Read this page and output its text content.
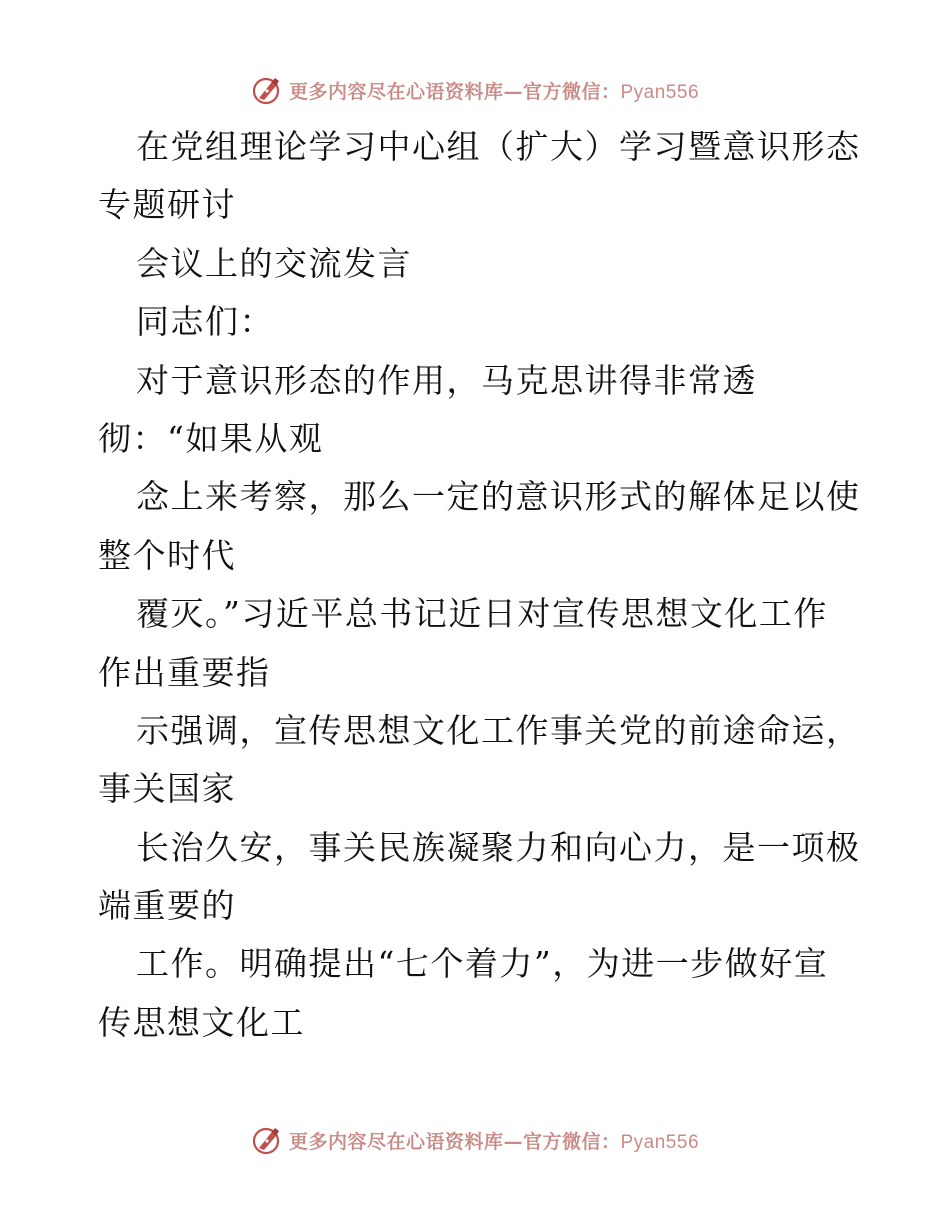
更多内容尽在心语资料库—官方微信：Pyan556
在党组理论学习中心组（扩大）学习暨意识形态
专题研讨
会议上的交流发言
同志们：
对于意识形态的作用，马克思讲得非常透
彻：“如果从观
念上来考察，那么一定的意识形式的解体足以使
整个时代
覆灭。”习近平总书记近日对宣传思想文化工作
作出重要指
示强调，宣传思想文化工作事关党的前途命运，
事关国家
长治久安，事关民族凝聚力和向心力，是一项极
端重要的
工作。明确提出“七个着力”，为进一步做好宣
传思想文化工
更多内容尽在心语资料库—官方微信：Pyan556
